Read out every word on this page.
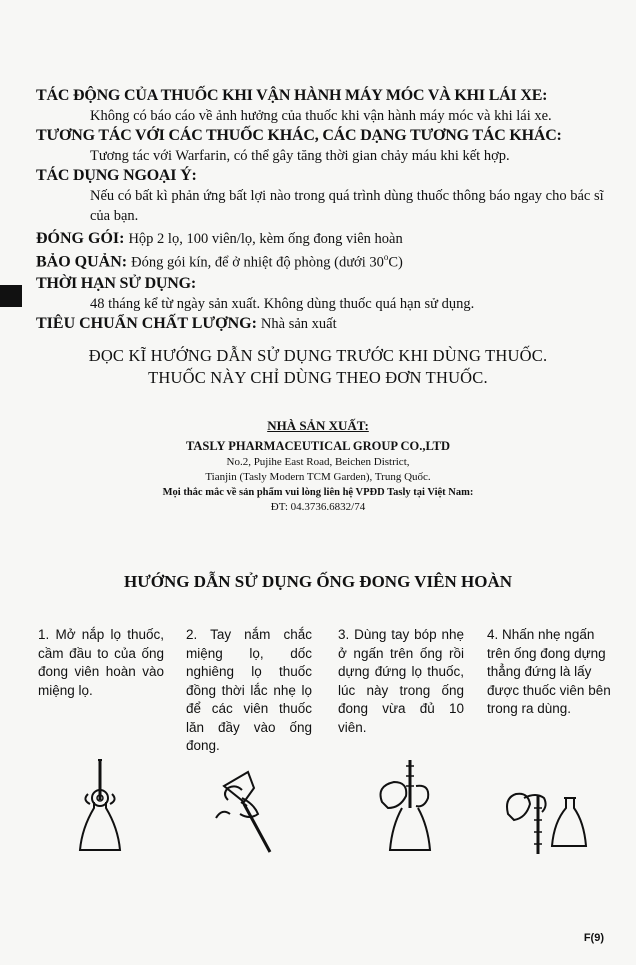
TÁC ĐỘNG CỦA THUỐC KHI VẬN HÀNH MÁY MÓC VÀ KHI LÁI XE:
Không có báo cáo về ảnh hưởng của thuốc khi vận hành máy móc và khi lái xe.
TƯƠNG TÁC VỚI CÁC THUỐC KHÁC, CÁC DẠNG TƯƠNG TÁC KHÁC:
Tương tác với Warfarin, có thể gây tăng thời gian chảy máu khi kết hợp.
TÁC DỤNG NGOẠI Ý:
Nếu có bất kì phản ứng bất lợi nào trong quá trình dùng thuốc thông báo ngay cho bác sĩ của bạn.
ĐÓNG GÓI: Hộp 2 lọ, 100 viên/lọ, kèm ống đong viên hoàn
BẢO QUẢN: Đóng gói kín, để ở nhiệt độ phòng (dưới 30$^o$C)
THỜI HẠN SỬ DỤNG:
48 tháng kể từ ngày sản xuất. Không dùng thuốc quá hạn sử dụng.
TIÊU CHUẨN CHẤT LƯỢNG: Nhà sản xuất
ĐỌC KĨ HƯỚNG DẪN SỬ DỤNG TRƯỚC KHI DÙNG THUỐC.
THUỐC NÀY CHỈ DÙNG THEO ĐƠN THUỐC.
NHÀ SẢN XUẤT:
TASLY PHARMACEUTICAL GROUP CO.,LTD
No.2, Pujihe East Road, Beichen District,
Tianjin (Tasly Modern TCM Garden), Trung Quốc.
Mọi thắc mắc về sản phẩm vui lòng liên hệ VPĐD Tasly tại Việt Nam:
ĐT: 04.3736.6832/74
HƯỚNG DẪN SỬ DỤNG ỐNG ĐONG VIÊN HOÀN
1. Mở nắp lọ thuốc, cầm đầu to của ống đong viên hoàn vào miệng lọ.
2. Tay nắm chắc miệng lọ, dốc nghiêng lọ thuốc đồng thời lắc nhẹ lọ để các viên thuốc lăn đầy vào ống đong.
3. Dùng tay bóp nhẹ ở ngấn trên ống rồi dựng đứng lọ thuốc, lúc này trong ống đong vừa đủ 10 viên.
4. Nhấn nhẹ ngấn trên ống đong dựng thẳng đứng là lấy được thuốc viên bên trong ra dùng.
F(9)
